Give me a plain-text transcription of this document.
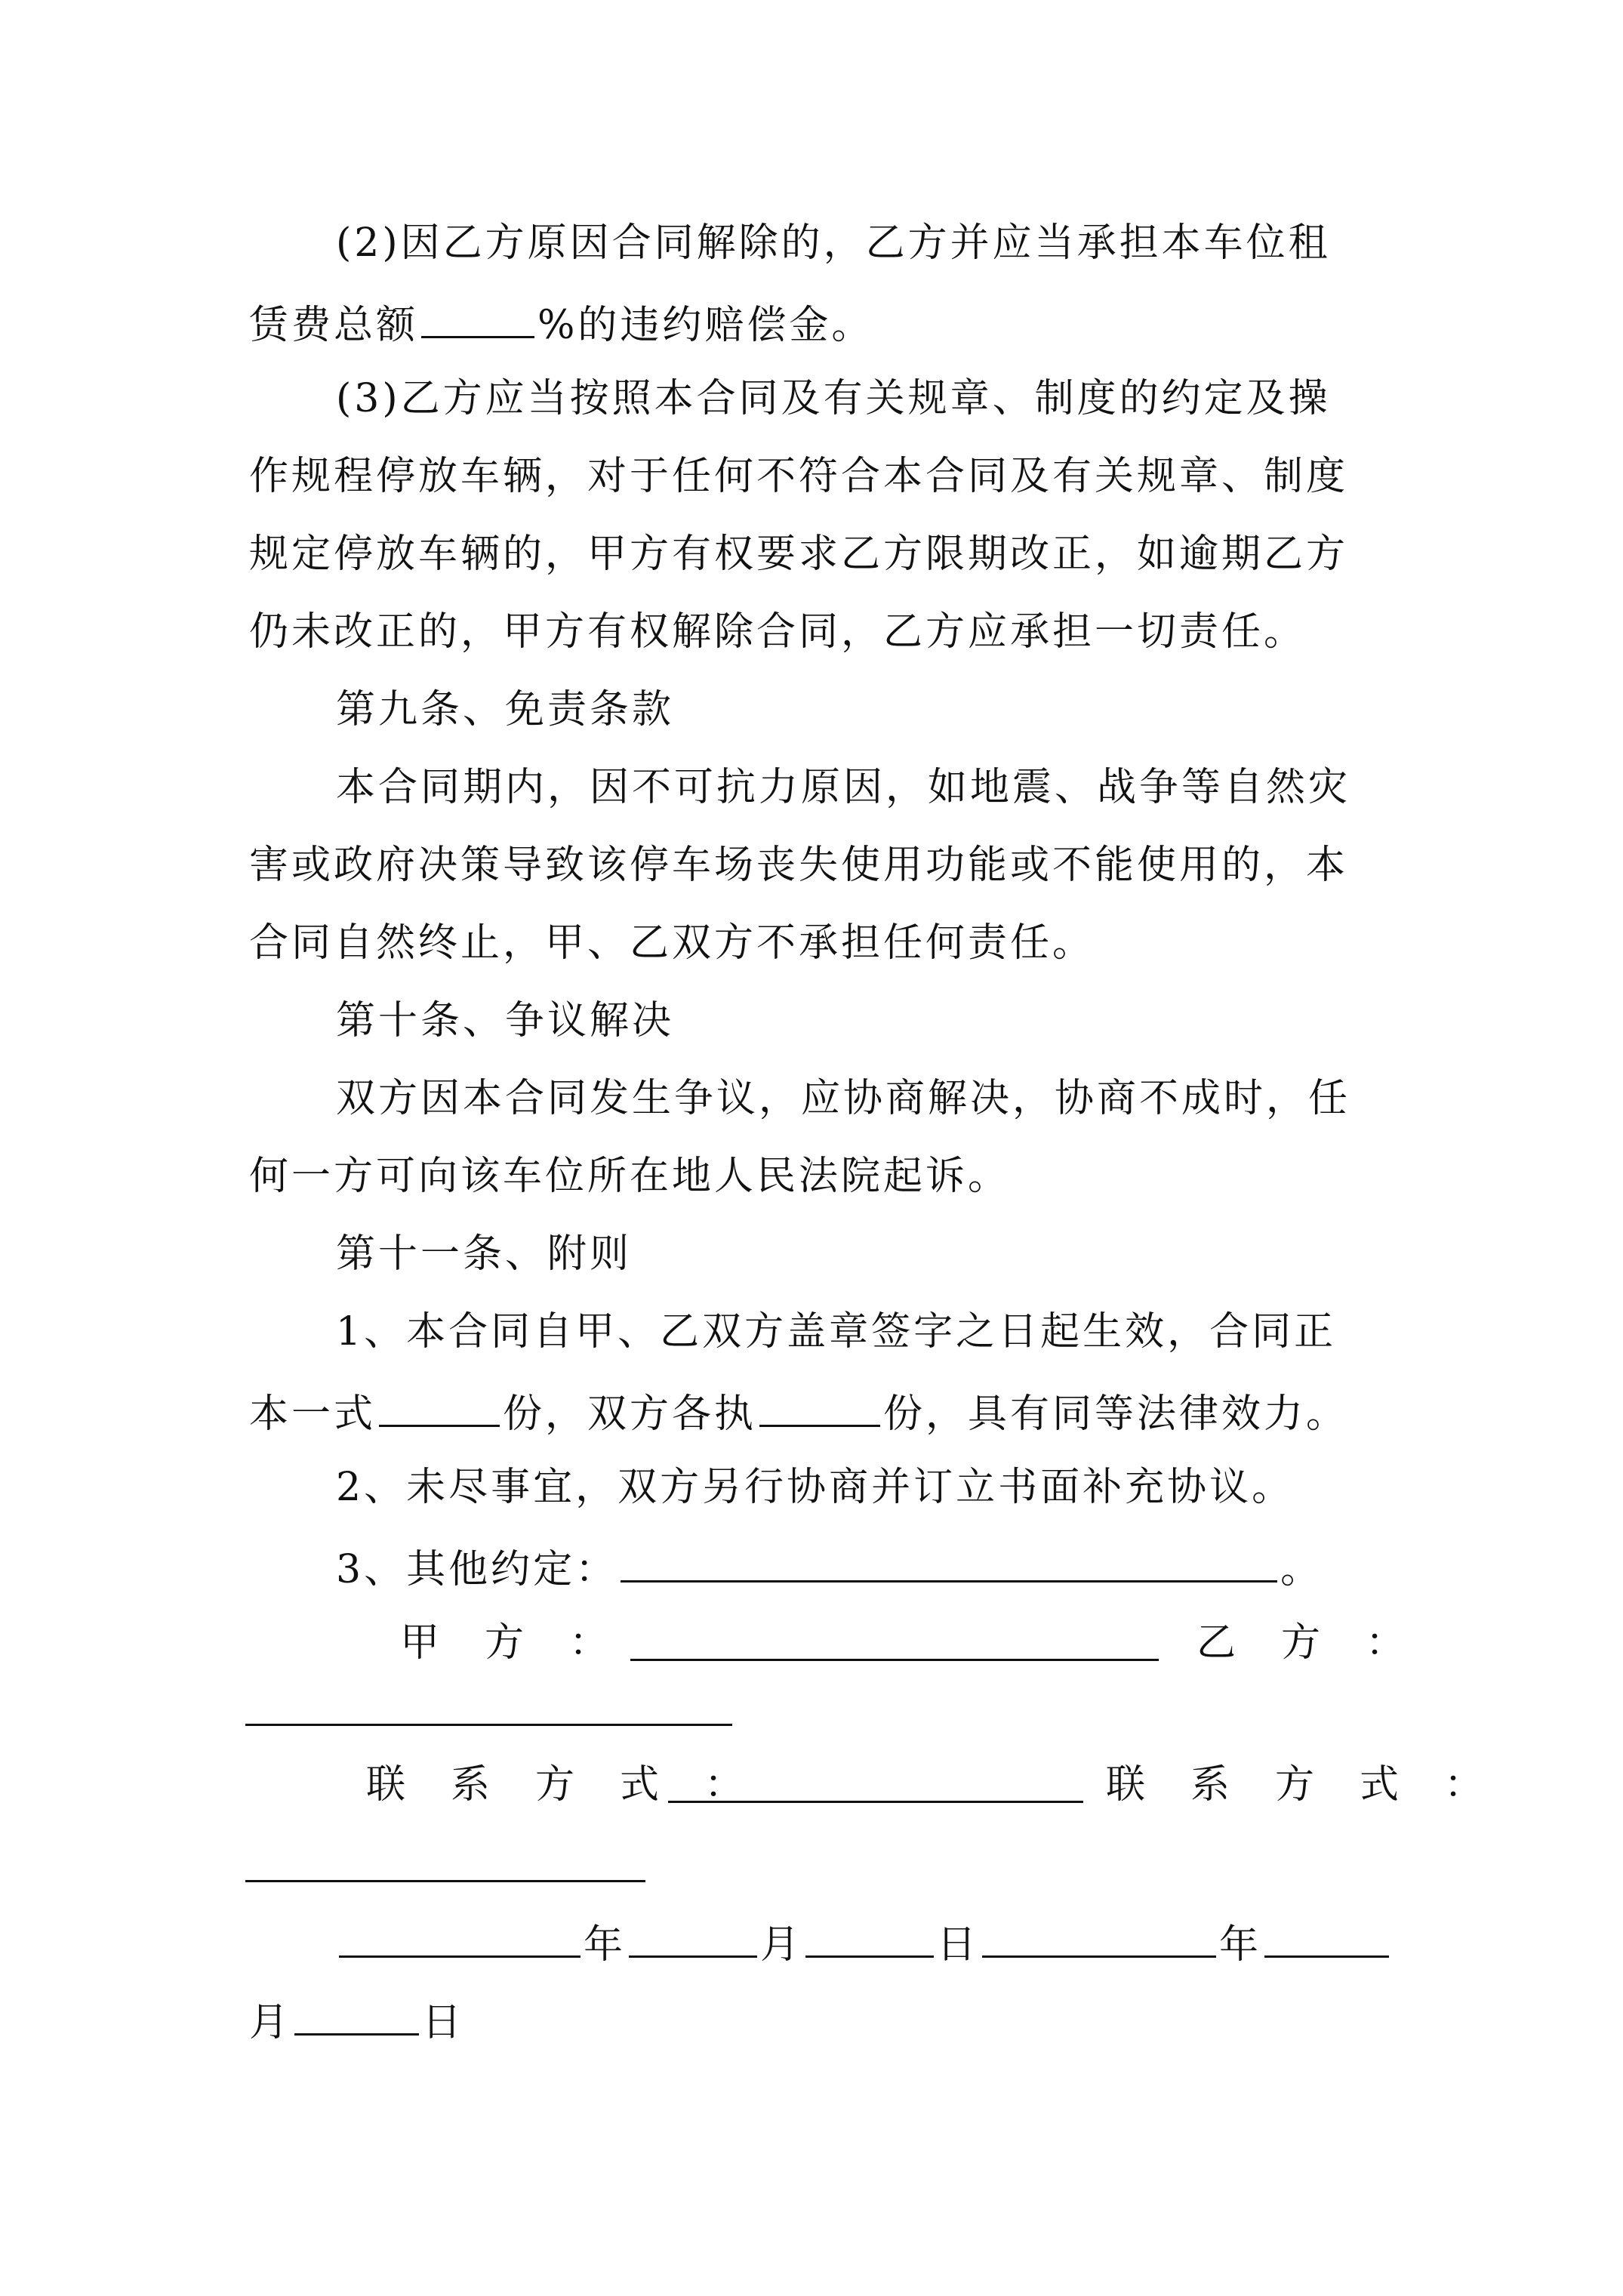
(2)因乙方原因合同解除的，乙方并应当承担本车位租
赁费总额	%的违约赔偿金。
(3)乙方应当按照本合同及有关规章、制度的约定及操
作规程停放车辆，对于任何不符合本合同及有关规章、制度
规定停放车辆的，甲方有权要求乙方限期改正，如逾期乙方
仍未改正的，甲方有权解除合同，乙方应承担一切责任。
第九条、免责条款
本合同期内，因不可抗力原因，如地震、战争等自然灾
害或政府决策导致该停车场丧失使用功能或不能使用的，本
合同自然终止，甲、乙双方不承担任何责任。
第十条、争议解决
双方因本合同发生争议，应协商解决，协商不成时，任
何一方可向该车位所在地人民法院起诉。
第十一条、附则
1、本合同自甲、乙双方盖章签字之日起生效，合同正
本一式	份，双方各执	份，具有同等法律效力。
2、未尽事宜，双方另行协商并订立书面补充协议。
3、其他约定：	。
甲　方　：	乙　方　：
联　系　方　式　：	联　系　方　式　：
年	月	日	年
月	日
